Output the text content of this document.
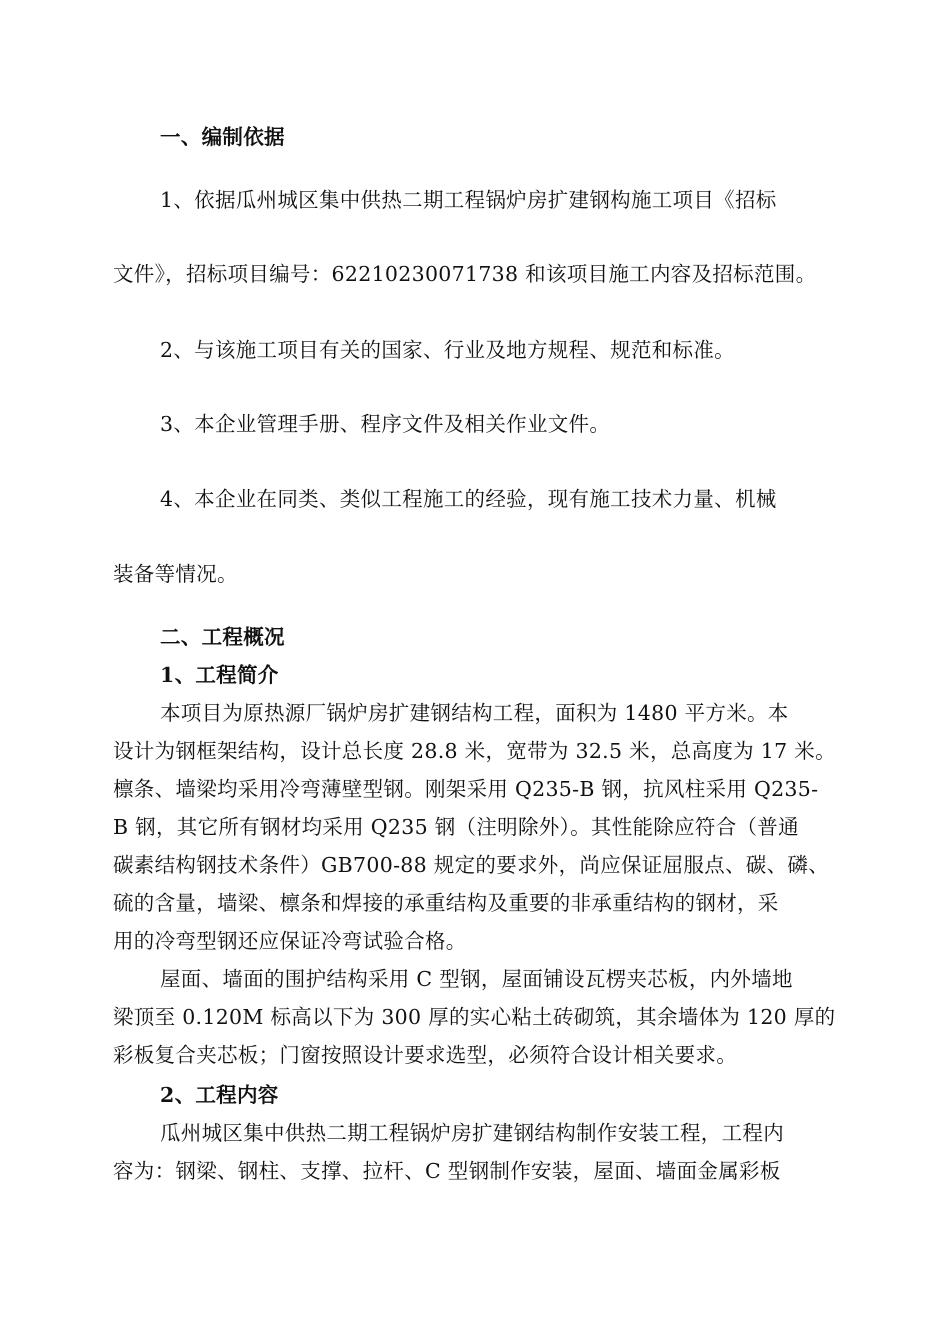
一、编制依据
1、依据瓜州城区集中供热二期工程锅炉房扩建钢构施工项目《招标
文件》，招标项目编号：62210230071738 和该项目施工内容及招标范围。
2、与该施工项目有关的国家、行业及地方规程、规范和标准。
3、本企业管理手册、程序文件及相关作业文件。
4、本企业在同类、类似工程施工的经验，现有施工技术力量、机械
装备等情况。
二、工程概况
1、工程简介
本项目为原热源厂锅炉房扩建钢结构工程，面积为 1480 平方米。本
设计为钢框架结构，设计总长度 28.8 米，宽带为 32.5 米，总高度为 17 米。
檩条、墙梁均采用冷弯薄壁型钢。刚架采用 Q235-B 钢，抗风柱采用 Q235-
B 钢，其它所有钢材均采用 Q235 钢（注明除外）。其性能除应符合（普通
碳素结构钢技术条件）GB700-88 规定的要求外，尚应保证屈服点、碳、磷、
硫的含量，墙梁、檩条和焊接的承重结构及重要的非承重结构的钢材，采
用的冷弯型钢还应保证冷弯试验合格。
屋面、墙面的围护结构采用 C 型钢，屋面铺设瓦楞夹芯板，内外墙地
梁顶至 0.120M 标高以下为 300 厚的实心粘土砖砌筑，其余墙体为 120 厚的
彩板复合夹芯板；门窗按照设计要求选型，必须符合设计相关要求。
2、工程内容
瓜州城区集中供热二期工程锅炉房扩建钢结构制作安装工程，工程内
容为：钢梁、钢柱、支撑、拉杆、C 型钢制作安装，屋面、墙面金属彩板
